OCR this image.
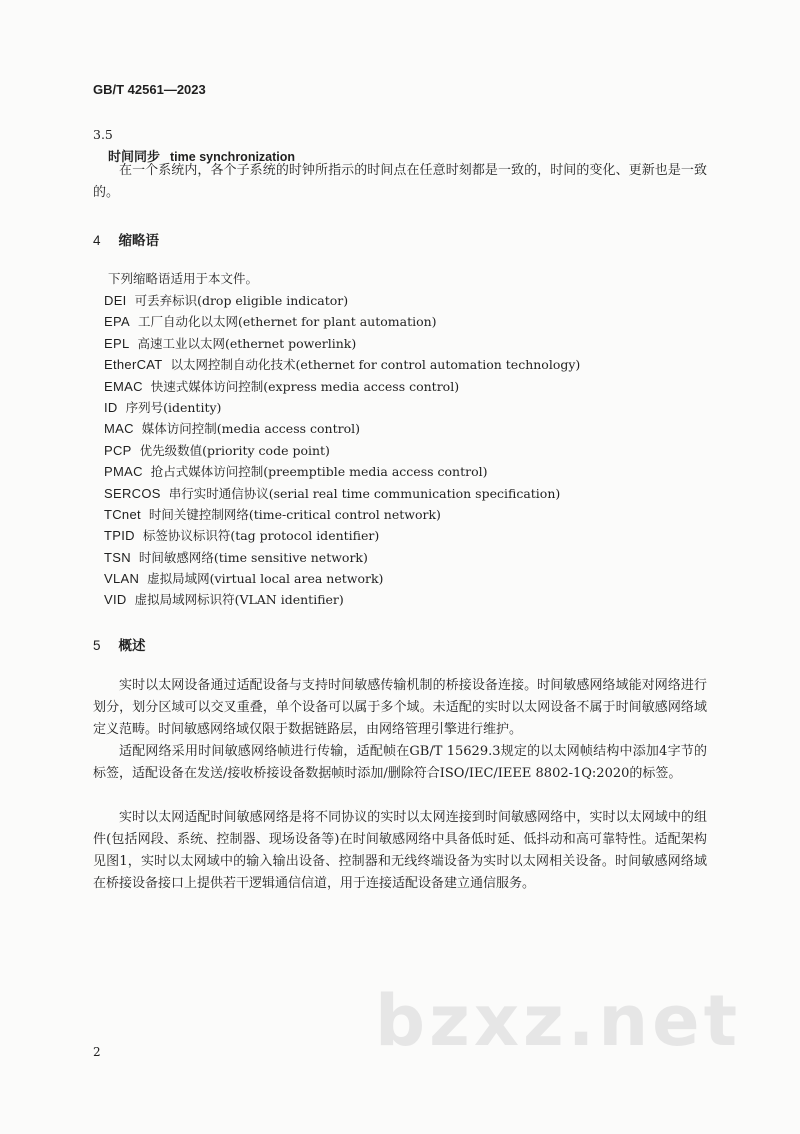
GB/T 42561—2023
3.5
时间同步 time synchronization

在一个系统内，各个子系统的时钟所指示的时间点在任意时刻都是一致的，时间的变化、更新也是一致的。

4 缩略语
下列缩略语适用于本文件。
DEI 可丢弃标识(drop eligible indicator)
EPA 工厂自动化以太网(ethernet for plant automation)
EPL 高速工业以太网(ethernet powerlink)
EtherCAT 以太网控制自动化技术(ethernet for control automation technology)
EMAC 快速式媒体访问控制(express media access control)
ID 序列号(identity)
MAC 媒体访问控制(media access control)
PCP 优先级数值(priority code point)
PMAC 抢占式媒体访问控制(preemptible media access control)
SERCOS 串行实时通信协议(serial real time communication specification)
TCnet 时间关键控制网络(time-critical control network)
TPID 标签协议标识符(tag protocol identifier)
TSN 时间敏感网络(time sensitive network)
VLAN 虚拟局域网(virtual local area network)
VID 虚拟局域网标识符(VLAN identifier)
5 概述

实时以太网设备通过适配设备与支持时间敏感传输机制的桥接设备连接。时间敏感网络域能对网络进行划分，划分区域可以交叉重叠，单个设备可以属于多个域。未适配的实时以太网设备不属于时间敏感网络域定义范畴。时间敏感网络域仅限于数据链路层，由网络管理引擎进行维护。

适配网络采用时间敏感网络帧进行传输，适配帧在GB/T 15629.3规定的以太网帧结构中添加4字节的标签，适配设备在发送/接收桥接设备数据帧时添加/删除符合ISO/IEC/IEEE 8802-1Q:2020的标签。

实时以太网适配时间敏感网络是将不同协议的实时以太网连接到时间敏感网络中，实时以太网域中的组件(包括网段、系统、控制器、现场设备等)在时间敏感网络中具备低时延、低抖动和高可靠特性。适配架构见图1，实时以太网域中的输入输出设备、控制器和无线终端设备为实时以太网相关设备。时间敏感网络域在桥接设备接口上提供若干逻辑通信信道，用于连接适配设备建立通信服务。

bzxz.net
2
